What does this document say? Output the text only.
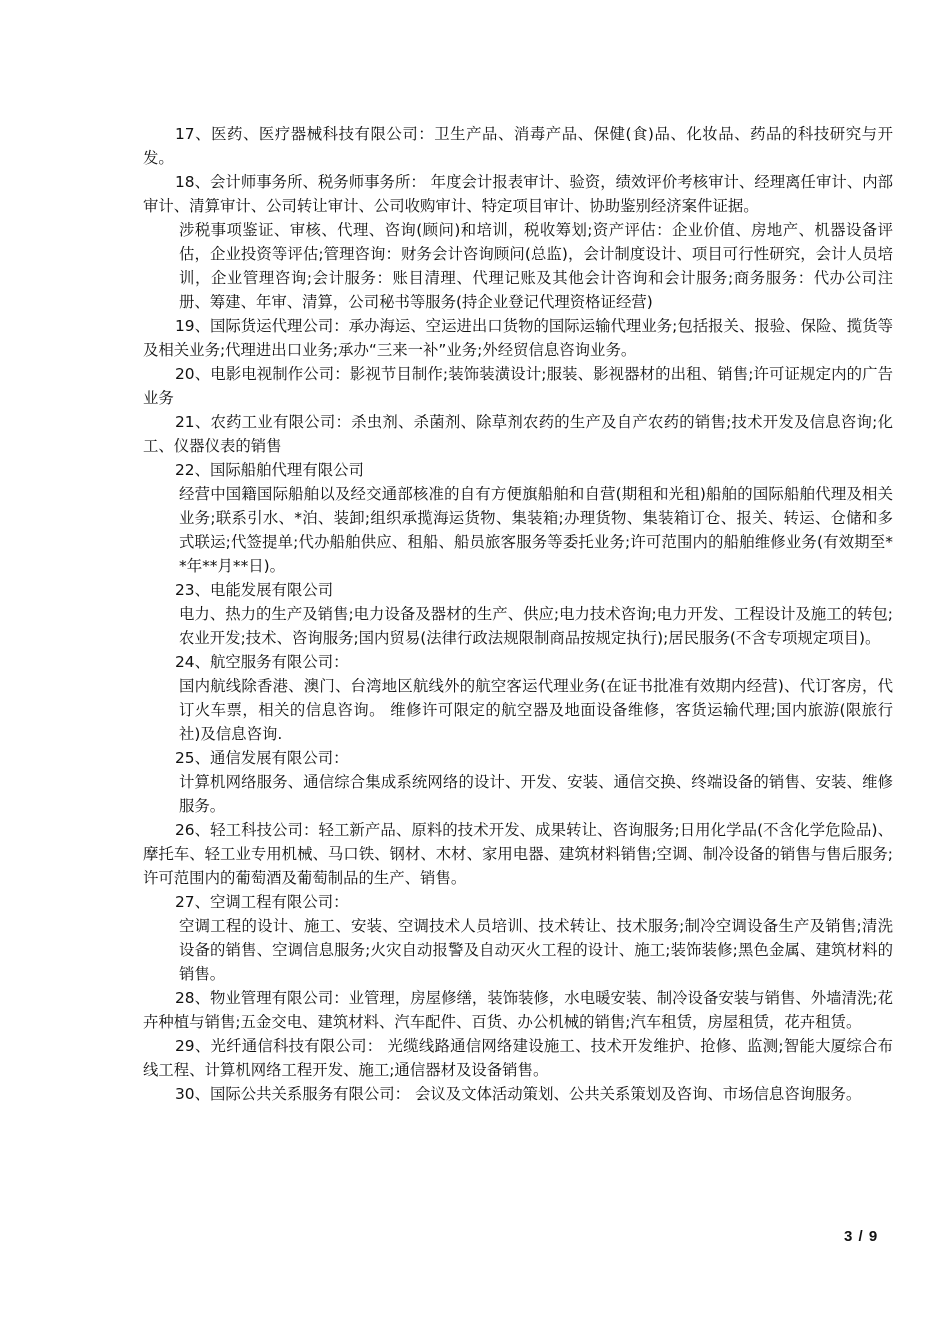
17、医药、医疗器械科技有限公司：卫生产品、消毒产品、保健(食)品、化妆品、药品的科技研究与开发。

18、会计师事务所、税务师事务所： 年度会计报表审计、验资，绩效评价考核审计、经理离任审计、内部审计、清算审计、公司转让审计、公司收购审计、特定项目审计、协助鉴别经济案件证据。

涉税事项鉴证、审核、代理、咨询(顾问)和培训，税收筹划;资产评估：企业价值、房地产、机器设备评估，企业投资等评估;管理咨询：财务会计咨询顾问(总监)，会计制度设计、项目可行性研究，会计人员培训，企业管理咨询;会计服务：账目清理、代理记账及其他会计咨询和会计服务;商务服务：代办公司注册、筹建、年审、清算，公司秘书等服务(持企业登记代理资格证经营)

19、国际货运代理公司：承办海运、空运进出口货物的国际运输代理业务;包括报关、报验、保险、揽货等及相关业务;代理进出口业务;承办“三来一补”业务;外经贸信息咨询业务。

20、电影电视制作公司：影视节目制作;装饰装潢设计;服装、影视器材的出租、销售;许可证规定内的广告业务

21、农药工业有限公司：杀虫剂、杀菌剂、除草剂农药的生产及自产农药的销售;技术开发及信息咨询;化工、仪器仪表的销售

22、国际船舶代理有限公司

经营中国籍国际船舶以及经交通部核准的自有方便旗船舶和自营(期租和光租)船舶的国际船舶代理及相关业务;联系引水、*泊、装卸;组织承揽海运货物、集装箱;办理货物、集装箱订仓、报关、转运、仓储和多式联运;代签提单;代办船舶供应、租船、船员旅客服务等委托业务;许可范围内的船舶维修业务(有效期至**年**月**日)。

23、电能发展有限公司

电力、热力的生产及销售;电力设备及器材的生产、供应;电力技术咨询;电力开发、工程设计及施工的转包;农业开发;技术、咨询服务;国内贸易(法律行政法规限制商品按规定执行);居民服务(不含专项规定项目)。

24、航空服务有限公司：

国内航线除香港、澳门、台湾地区航线外的航空客运代理业务(在证书批准有效期内经营)、代订客房，代订火车票，相关的信息咨询。 维修许可限定的航空器及地面设备维修，客货运输代理;国内旅游(限旅行社)及信息咨询.

25、通信发展有限公司：

计算机网络服务、通信综合集成系统网络的设计、开发、安装、通信交换、终端设备的销售、安装、维修服务。

26、轻工科技公司：轻工新产品、原料的技术开发、成果转让、咨询服务;日用化学品(不含化学危险品)、摩托车、轻工业专用机械、马口铁、钢材、木材、家用电器、建筑材料销售;空调、制冷设备的销售与售后服务;许可范围内的葡萄酒及葡萄制品的生产、销售。

27、空调工程有限公司：

空调工程的设计、施工、安装、空调技术人员培训、技术转让、技术服务;制冷空调设备生产及销售;清洗设备的销售、空调信息服务;火灾自动报警及自动灭火工程的设计、施工;装饰装修;黑色金属、建筑材料的销售。

28、物业管理有限公司：业管理，房屋修缮，装饰装修，水电暖安装、制冷设备安装与销售、外墙清洗;花卉种植与销售;五金交电、建筑材料、汽车配件、百货、办公机械的销售;汽车租赁，房屋租赁，花卉租赁。

29、光纤通信科技有限公司： 光缆线路通信网络建设施工、技术开发维护、抢修、监测;智能大厦综合布线工程、计算机网络工程开发、施工;通信器材及设备销售。

30、国际公共关系服务有限公司： 会议及文体活动策划、公共关系策划及咨询、市场信息咨询服务。

3 / 9
